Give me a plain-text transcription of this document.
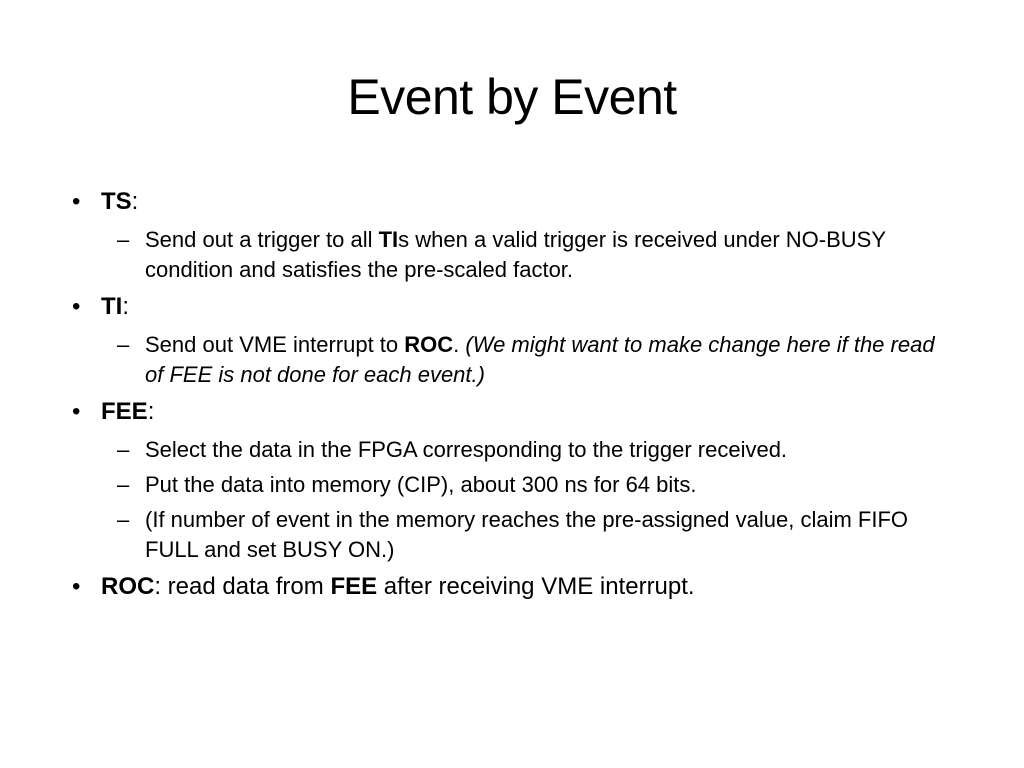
Event by Event
• TS:
– Send out a trigger to all TIs when a valid trigger is received under NO-BUSY condition and satisfies the pre-scaled factor.
• TI:
– Send out VME interrupt to ROC. (We might want to make change here if the read of FEE is not done for each event.)
• FEE:
– Select the data in the FPGA corresponding to the trigger received.
– Put the data into memory (CIP), about 300 ns for 64 bits.
– (If number of event in the memory reaches the pre-assigned value, claim FIFO FULL and set BUSY ON.)
• ROC: read data from FEE after receiving VME interrupt.
